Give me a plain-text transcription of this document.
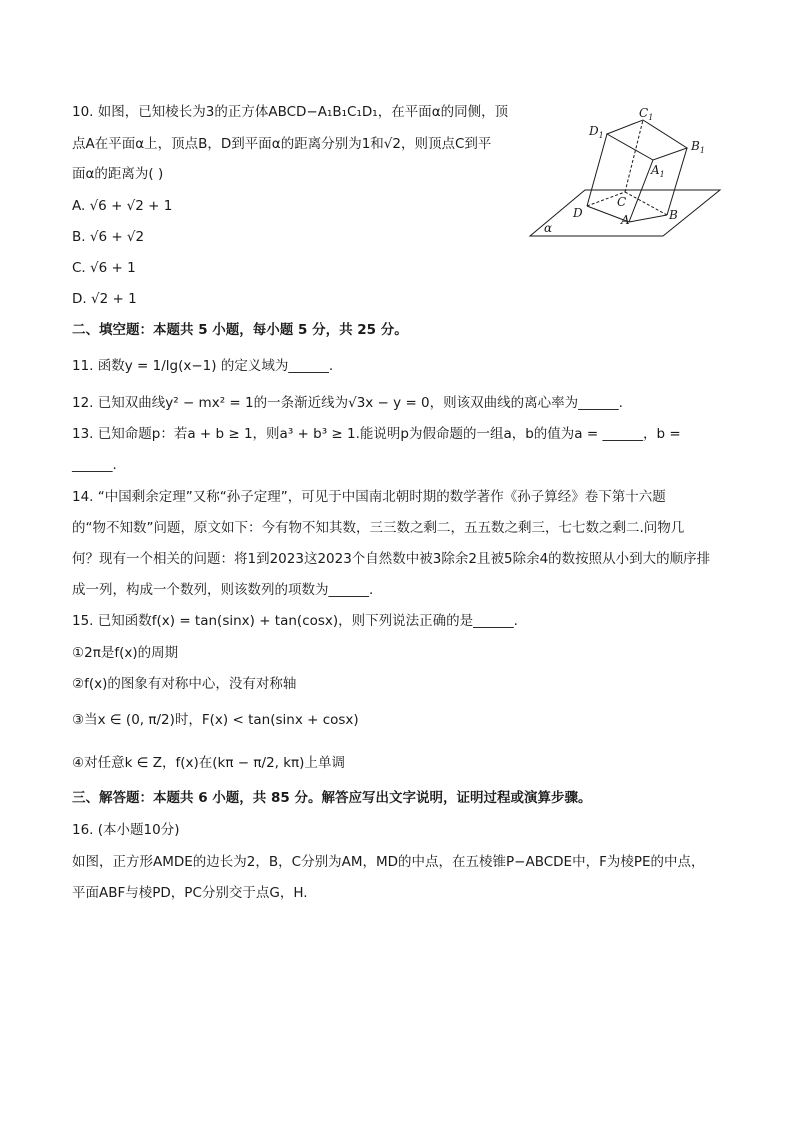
10. 如图，已知棱长为3的正方体ABCD−A₁B₁C₁D₁，在平面α的同侧，顶
点A在平面α上，顶点B，D到平面α的距离分别为1和√2，则顶点C到平
面α的距离为( )
A. √6 + √2 + 1
B. √6 + √2
C. √6 + 1
D. √2 + 1
$C_1$
$D_1$
$B_1$
$A_1$
C
D	A	B
α
二、填空题：本题共 5 小题，每小题 5 分，共 25 分。
11. 函数y = 1/lg(x−1) 的定义域为______.
12. 已知双曲线y² − mx² = 1的一条渐近线为√3x − y = 0，则该双曲线的离心率为______.
13. 已知命题p：若a + b ≥ 1，则a³ + b³ ≥ 1.能说明p为假命题的一组a，b的值为a = ______，b =
______.
14. “中国剩余定理”又称“孙子定理”，可见于中国南北朝时期的数学著作《孙子算经》卷下第十六题
的“物不知数”问题，原文如下：今有物不知其数，三三数之剩二，五五数之剩三，七七数之剩二.问物几
何？现有一个相关的问题：将1到2023这2023个自然数中被3除余2且被5除余4的数按照从小到大的顺序排
成一列，构成一个数列，则该数列的项数为______.
15. 已知函数f(x) = tan(sinx) + tan(cosx)，则下列说法正确的是______.
①2π是f(x)的周期
②f(x)的图象有对称中心，没有对称轴
③当x ∈ (0, π/2)时，F(x) < tan(sinx + cosx)
④对任意k ∈ Z，f(x)在(kπ − π/2, kπ)上单调
三、解答题：本题共 6 小题，共 85 分。解答应写出文字说明，证明过程或演算步骤。
16. (本小题10分)
如图，正方形AMDE的边长为2，B，C分别为AM，MD的中点，在五棱锥P−ABCDE中，F为棱PE的中点，
平面ABF与棱PD，PC分别交于点G，H.
